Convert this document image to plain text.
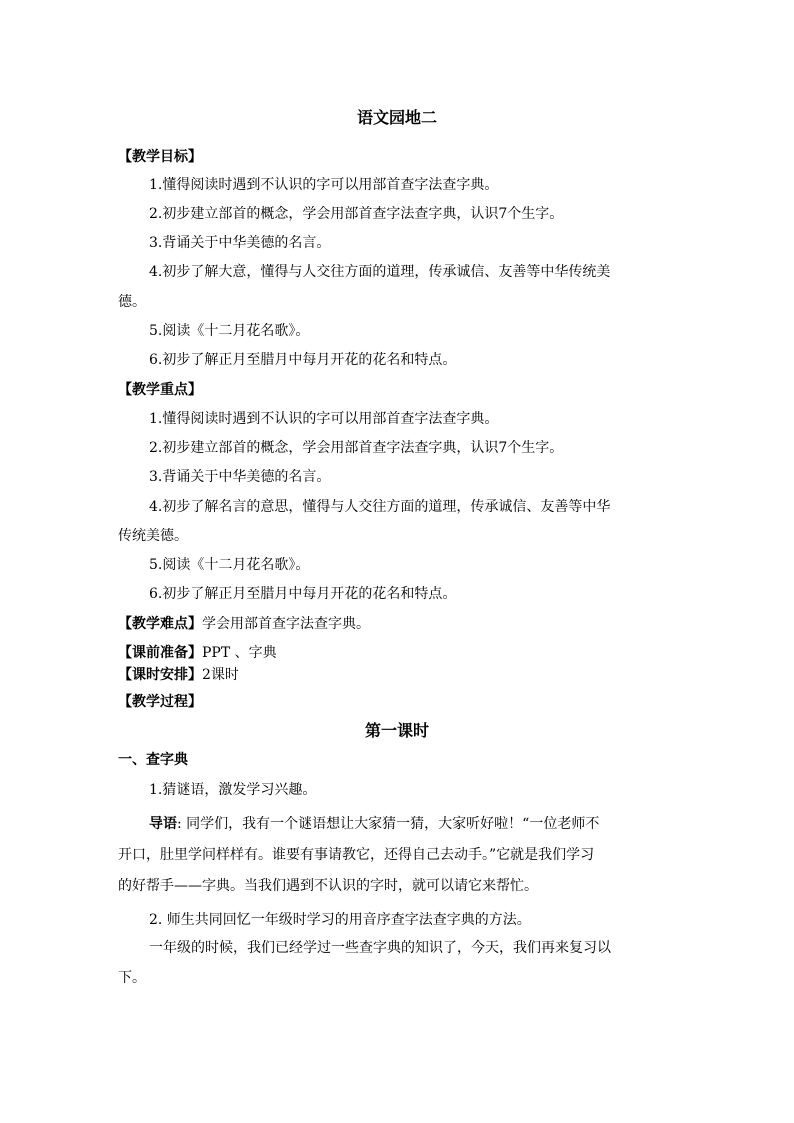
语文园地二
【教学目标】
1.懂得阅读时遇到不认识的字可以用部首查字法查字典。
2.初步建立部首的概念，学会用部首查字法查字典，认识7个生字。
3.背诵关于中华美德的名言。
4.初步了解大意，懂得与人交往方面的道理，传承诚信、友善等中华传统美
德。
5.阅读《十二月花名歌》。
6.初步了解正月至腊月中每月开花的花名和特点。
【教学重点】
1.懂得阅读时遇到不认识的字可以用部首查字法查字典。
2.初步建立部首的概念，学会用部首查字法查字典，认识7个生字。
3.背诵关于中华美德的名言。
4.初步了解名言的意思，懂得与人交往方面的道理，传承诚信、友善等中华
传统美德。
5.阅读《十二月花名歌》。
6.初步了解正月至腊月中每月开花的花名和特点。
【教学难点】学会用部首查字法查字典。
【课前准备】PPT 、字典
【课时安排】2课时
【教学过程】
第一课时
一、查字典
1.猜谜语，激发学习兴趣。
导语: 同学们，我有一个谜语想让大家猜一猜，大家听好啦！“一位老师不
开口，肚里学问样样有。谁要有事请教它，还得自己去动手。”它就是我们学习
的好帮手——字典。当我们遇到不认识的字时，就可以请它来帮忙。
2. 师生共同回忆一年级时学习的用音序查字法查字典的方法。
一年级的时候，我们已经学过一些查字典的知识了，今天，我们再来复习以
下。
